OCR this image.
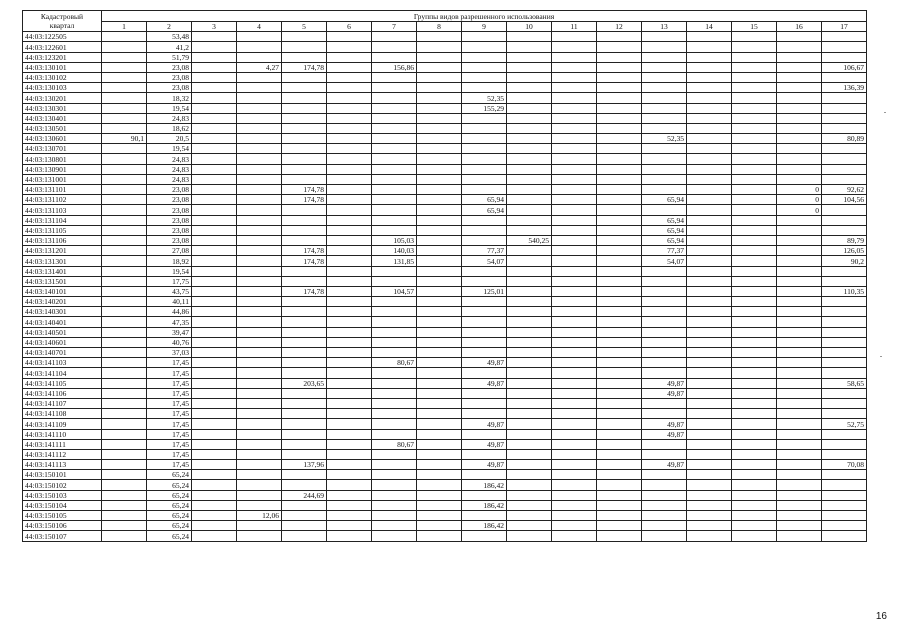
Кадастровый
квартал	Группы видов разрешенного использования																
	1	2	3	4	5	6	7	8	9	10	11	12	13	14	15	16	17
44:03:122505		53,48															
44:03:122601		41,2															
44:03:123201		51,79															
44:03:130101		23,08		4,27	174,78		156,86										106,67
44:03:130102		23,08															
44:03:130103		23,08															136,39
44:03:130201		18,32							52,35								
44:03:130301		19,54							155,29								
44:03:130401		24,83															
44:03:130501		18,62															
44:03:130601	90,1	20,5											52,35				80,89
44:03:130701		19,54															
44:03:130801		24,83															
44:03:130901		24,83															
44:03:131001		24,83															
44:03:131101		23,08			174,78											0	92,62
44:03:131102		23,08			174,78				65,94				65,94			0	104,56
44:03:131103		23,08							65,94							0	
44:03:131104		23,08											65,94				
44:03:131105		23,08											65,94				
44:03:131106		23,08					105,03			540,25			65,94				89,79
44:03:131201		27,08			174,78		140,03		77,37				77,37				126,05
44:03:131301		18,92			174,78		131,85		54,07				54,07				90,2
44:03:131401		19,54															
44:03:131501		17,75															
44:03:140101		43,75			174,78		104,57		125,01								110,35
44:03:140201		40,11															
44:03:140301		44,86															
44:03:140401		47,35															
44:03:140501		39,47															
44:03:140601		40,76															
44:03:140701		37,03															
44:03:141103		17,45					80,67		49,87								
44:03:141104		17,45															
44:03:141105		17,45			203,65				49,87				49,87				58,65
44:03:141106		17,45											49,87				
44:03:141107		17,45															
44:03:141108		17,45															
44:03:141109		17,45							49,87				49,87				52,75
44:03:141110		17,45											49,87				
44:03:141111		17,45					80,67		49,87								
44:03:141112		17,45															
44:03:141113		17,45			137,96				49,87				49,87				70,08
44:03:150101		65,24															
44:03:150102		65,24							186,42								
44:03:150103		65,24			244,69												
44:03:150104		65,24							186,42								
44:03:150105		65,24		12,06													
44:03:150106		65,24							186,42								
44:03:150107		65,24															
16
